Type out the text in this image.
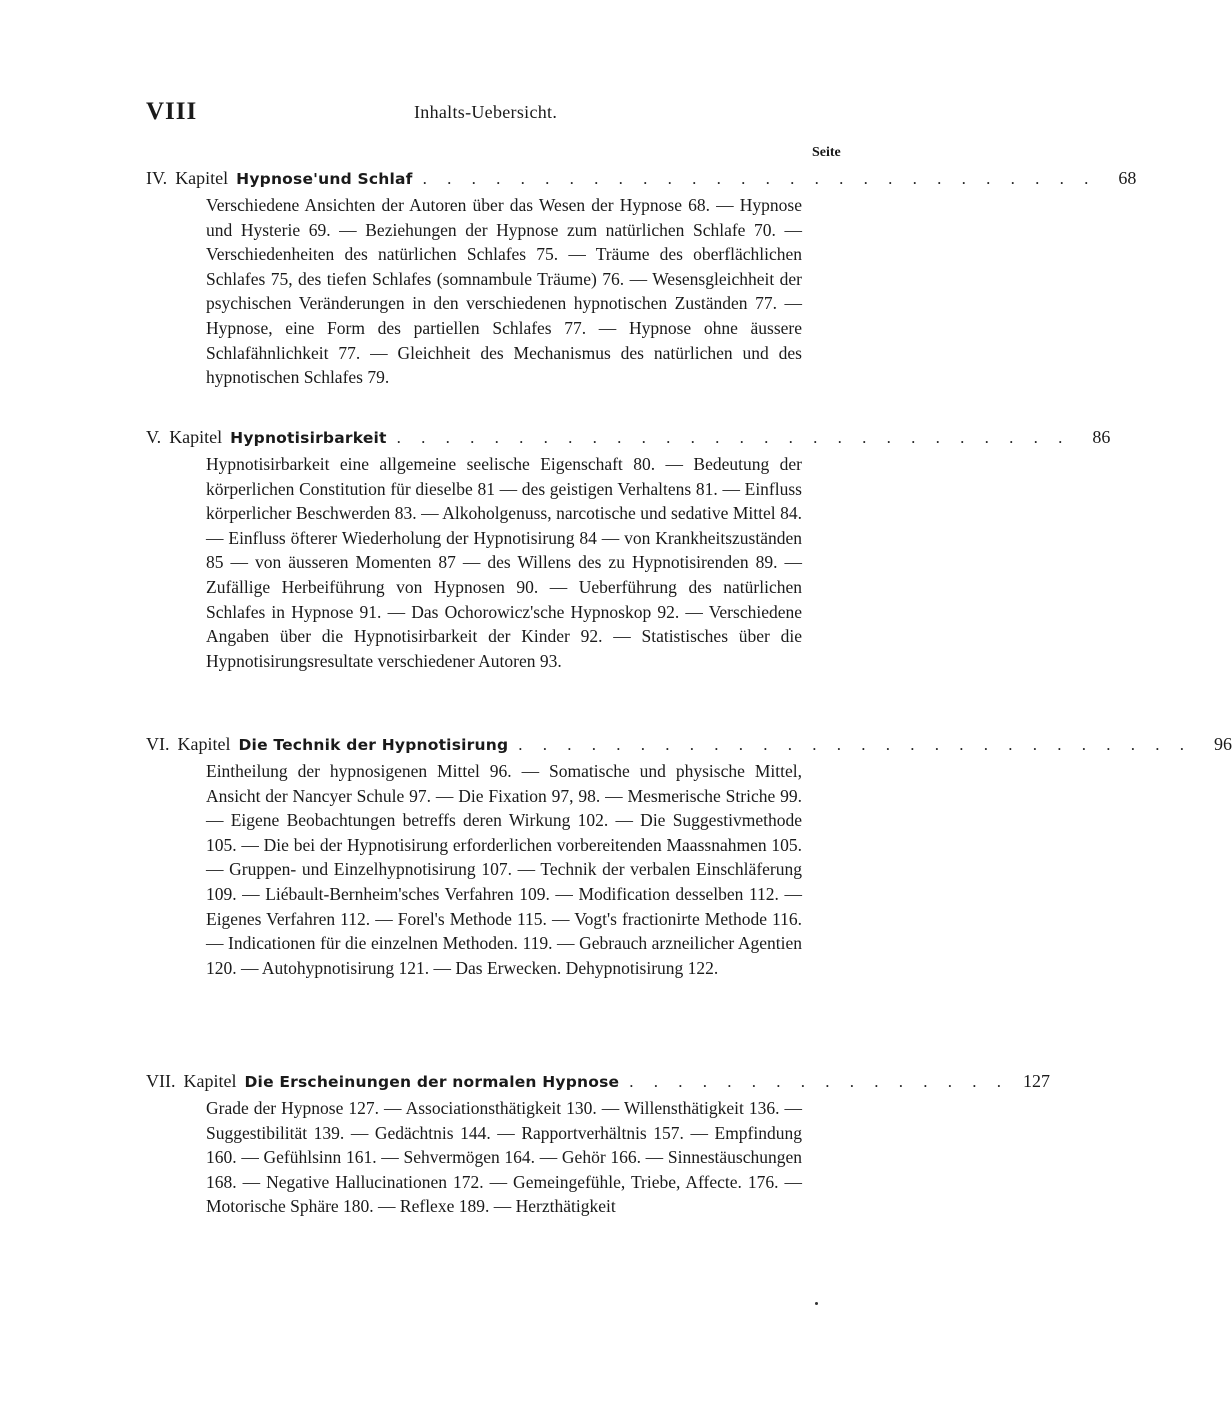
VIII	Inhalts-Uebersicht.
Seite
IV. Kapitel Hypnose'und Schlaf . . . . . . . . . . . . . . . . . . . . . . . . . . . .	68

Verschiedene Ansichten der Autoren über das Wesen der Hypnose 68. — Hypnose und Hysterie 69. — Beziehungen der Hypnose zum natürlichen Schlafe 70. — Verschiedenheiten des natürlichen Schlafes 75. — Träume des oberflächlichen Schlafes 75, des tiefen Schlafes (somnambule Träume) 76. — Wesensgleichheit der psychischen Veränderungen in den verschiedenen hypnotischen Zuständen 77. — Hypnose, eine Form des partiellen Schlafes 77. — Hypnose ohne äussere Schlafähnlichkeit 77. — Gleichheit des Mechanismus des natürlichen und des hypnotischen Schlafes 79.

V. Kapitel Hypnotisirbarkeit . . . . . . . . . . . . . . . . . . . . . . . . . . . .	86

Hypnotisirbarkeit eine allgemeine seelische Eigenschaft 80. — Bedeutung der körperlichen Constitution für dieselbe 81 — des geistigen Verhaltens 81. — Einfluss körperlicher Beschwerden 83. — Alkoholgenuss, narcotische und sedative Mittel 84. — Einfluss öfterer Wiederholung der Hypnotisirung 84 — von Krankheitszuständen 85 — von äusseren Momenten 87 — des Willens des zu Hypnotisirenden 89. — Zufällige Herbeiführung von Hypnosen 90. — Ueberführung des natürlichen Schlafes in Hypnose 91. — Das Ochorowicz'sche Hypnoskop 92. — Verschiedene Angaben über die Hypnotisirbarkeit der Kinder 92. — Statistisches über die Hypnotisirungsresultate verschiedener Autoren 93.

VI. Kapitel Die Technik der Hypnotisirung . . . . . . . . . . . . . . . . . . . . . . . . . . . .	96

Eintheilung der hypnosigenen Mittel 96. — Somatische und physische Mittel, Ansicht der Nancyer Schule 97. — Die Fixation 97, 98. — Mesmerische Striche 99. — Eigene Beobachtungen betreffs deren Wirkung 102. — Die Suggestivmethode 105. — Die bei der Hypnotisirung erforderlichen vorbereitenden Maassnahmen 105. — Gruppen- und Einzelhypnotisirung 107. — Technik der verbalen Einschläferung 109. — Liébault-Bernheim'sches Verfahren 109. — Modification desselben 112. — Eigenes Verfahren 112. — Forel's Methode 115. — Vogt's fractionirte Methode 116. — Indicationen für die einzelnen Methoden. 119. — Gebrauch arzneilicher Agentien 120. — Autohypnotisirung 121. — Das Erwecken. Dehypnotisirung 122.

VII. Kapitel Die Erscheinungen der normalen Hypnose . . . . . . . . . . . . . . . . 127

Grade der Hypnose 127. — Associationsthätigkeit 130. — Willensthätigkeit 136. — Suggestibilität 139. — Gedächtnis 144. — Rapportverhältnis 157. — Empfindung 160. — Gefühlsinn 161. — Sehvermögen 164. — Gehör 166. — Sinnestäuschungen 168. — Negative Hallucinationen 172. — Gemeingefühle, Triebe, Affecte. 176. — Motorische Sphäre 180. — Reflexe 189. — Herzthätigkeit
